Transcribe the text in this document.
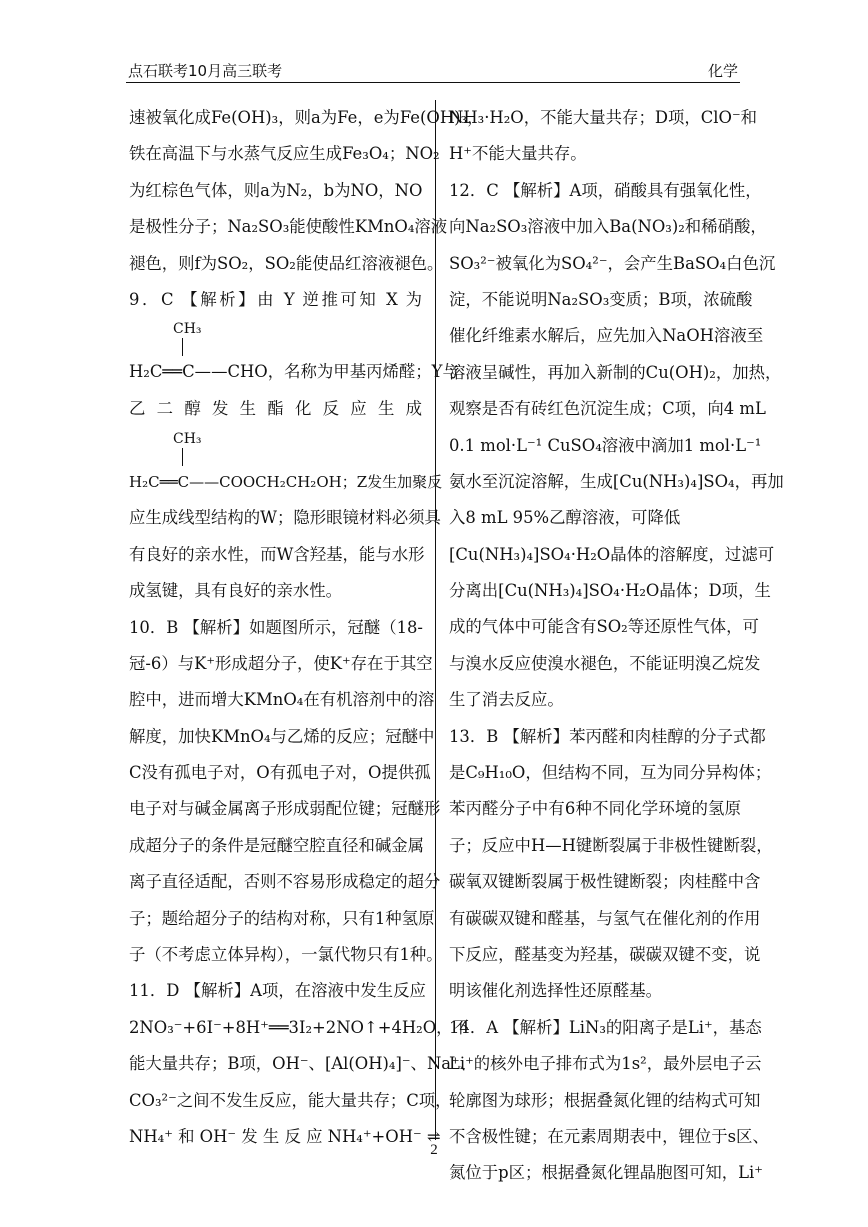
点石联考10月高三联考	化学
速被氧化成Fe(OH)₃，则a为Fe，e为Fe(OH)₃，
铁在高温下与水蒸气反应生成Fe₃O₄；NO₂
为红棕色气体，则a为N₂，b为NO，NO
是极性分子；Na₂SO₃能使酸性KMnO₄溶液
褪色，则f为SO₂，SO₂能使品红溶液褪色。
9．C 【解析】由 Y 逆推可知 X 为
CH₃
H₂C══C——CHO，名称为甲基丙烯醛；Y与
乙 二 醇 发 生 酯 化 反 应 生 成
CH₃
H₂C══C——COOCH₂CH₂OH；Z发生加聚反
应生成线型结构的W；隐形眼镜材料必须具
有良好的亲水性，而W含羟基，能与水形
成氢键，具有良好的亲水性。
10．B 【解析】如题图所示，冠醚（18-
冠-6）与K⁺形成超分子，使K⁺存在于其空
腔中，进而增大KMnO₄在有机溶剂中的溶
解度，加快KMnO₄与乙烯的反应；冠醚中
C没有孤电子对，O有孤电子对，O提供孤
电子对与碱金属离子形成弱配位键；冠醚形
成超分子的条件是冠醚空腔直径和碱金属
离子直径适配，否则不容易形成稳定的超分
子；题给超分子的结构对称，只有1种氢原
子（不考虑立体异构），一氯代物只有1种。
11．D 【解析】A项，在溶液中发生反应
2NO₃⁻+6I⁻+8H⁺══3I₂+2NO↑+4H₂O，不
能大量共存；B项，OH⁻、[Al(OH)₄]⁻、Na⁺、
CO₃²⁻之间不发生反应，能大量共存；C项，
NH₄⁺ 和 OH⁻ 发 生 反 应 NH₄⁺+OH⁻ ⇌
NH₃·H₂O，不能大量共存；D项，ClO⁻和
H⁺不能大量共存。
12．C 【解析】A项，硝酸具有强氧化性，
向Na₂SO₃溶液中加入Ba(NO₃)₂和稀硝酸，
SO₃²⁻被氧化为SO₄²⁻，会产生BaSO₄白色沉
淀，不能说明Na₂SO₃变质；B项，浓硫酸
催化纤维素水解后，应先加入NaOH溶液至
溶液呈碱性，再加入新制的Cu(OH)₂，加热，
观察是否有砖红色沉淀生成；C项，向4 mL
0.1 mol·L⁻¹ CuSO₄溶液中滴加1 mol·L⁻¹
氨水至沉淀溶解，生成[Cu(NH₃)₄]SO₄，再加
入8 mL 95%乙醇溶液，可降低
[Cu(NH₃)₄]SO₄·H₂O晶体的溶解度，过滤可
分离出[Cu(NH₃)₄]SO₄·H₂O晶体；D项，生
成的气体中可能含有SO₂等还原性气体，可
与溴水反应使溴水褪色，不能证明溴乙烷发
生了消去反应。
13．B 【解析】苯丙醛和肉桂醇的分子式都
是C₉H₁₀O，但结构不同，互为同分异构体；
苯丙醛分子中有6种不同化学环境的氢原
子；反应中H—H键断裂属于非极性键断裂，
碳氧双键断裂属于极性键断裂；肉桂醛中含
有碳碳双键和醛基，与氢气在催化剂的作用
下反应，醛基变为羟基，碳碳双键不变，说
明该催化剂选择性还原醛基。
14．A 【解析】LiN₃的阳离子是Li⁺，基态
Li⁺的核外电子排布式为1s²，最外层电子云
轮廓图为球形；根据叠氮化锂的结构式可知
不含极性键；在元素周期表中，锂位于s区、
氮位于p区；根据叠氮化锂晶胞图可知，Li⁺
2
